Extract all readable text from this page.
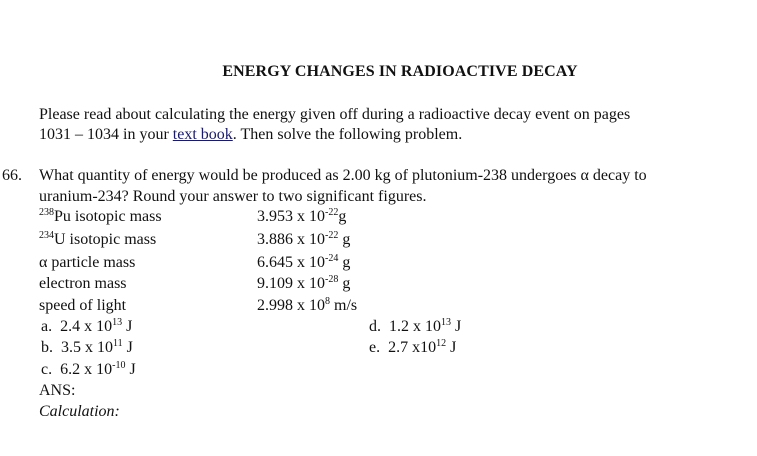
ENERGY CHANGES IN RADIOACTIVE DECAY
Please read about calculating the energy given off during a radioactive decay event on pages
1031 – 1034 in your text book. Then solve the following problem.
66. What quantity of energy would be produced as 2.00 kg of plutonium-238 undergoes α decay to
uranium-234? Round your answer to two significant figures.
$^{238}$Pu isotopic mass
$^{234}$U isotopic mass
α particle mass
electron mass
speed of light
3.953 x $10^{-22}g$
3.886 x $10^{-22}$ g
6.645 x $10^{-24}$ g
9.109 x $10^{-28}$ g
2.998 x $10^8$ m/s
a. 2.4 x $10^{13}$ J
b. 3.5 x $10^{11}$ J
c. 6.2 x $10^{-10}$ J
d. 1.2 x $10^{13}$ J
e. 2.7 $x10^{12}$ J
ANS:
Calculation:
